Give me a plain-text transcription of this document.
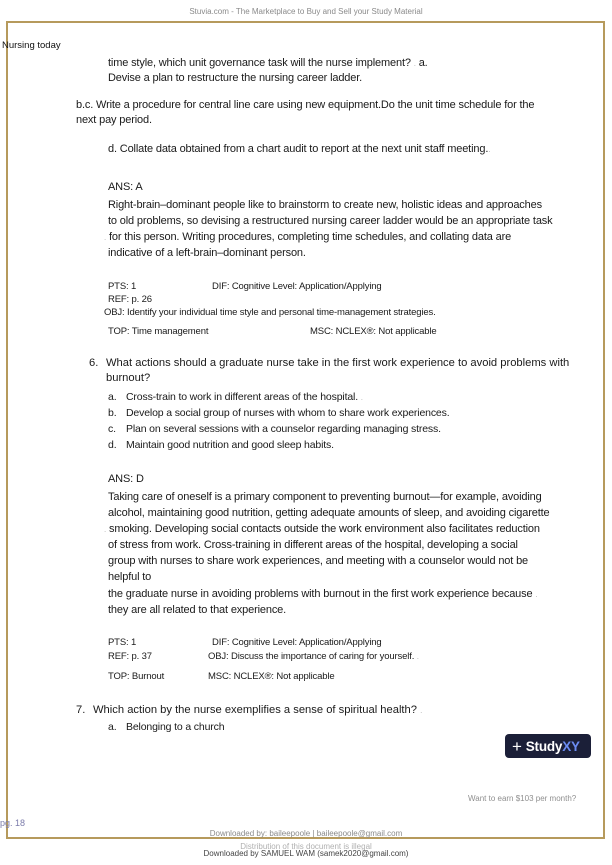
Stuvia.com - The Marketplace to Buy and Sell your Study Material
Nursing today
time style, which unit governance task will the nurse implement? . a.
Devise a plan to restructure the nursing career ladder.
b.c. Write a procedure for central line care using new equipment.Do the unit time schedule for the
next pay period.
d. Collate data obtained from a chart audit to report at the next unit staff meeting..
ANS: A
Right-brain–dominant people like to brainstorm to create new, holistic ideas and approaches
to old problems, so devising a restructured nursing career ladder would be an appropriate task
. for this person. Writing procedures, completing time schedules, and collating data are
indicative of a left-brain–dominant person.
PTS: 1	DIF: Cognitive Level: Application/Applying
REF: p. 26
OBJ: Identify your individual time style and personal time-management strategies.
TOP: Time management	MSC: NCLEX®: Not applicable
6. What actions should a graduate nurse take in the first work experience to avoid problems with
burnout?
a. Cross-train to work in different areas of the hospital. .
b. Develop a social group of nurses with whom to share work experiences.
c. Plan on several sessions with a counselor regarding managing stress.
d. Maintain good nutrition and good sleep habits.
ANS: D
Taking care of oneself is a primary component to preventing burnout—for example, avoiding
alcohol, maintaining good nutrition, getting adequate amounts of sleep, and avoiding cigarette
. smoking. Developing social contacts outside the work environment also facilitates reduction
of stress from work. Cross-training in different areas of the hospital, developing a social
group with nurses to share work experiences, and meeting with a counselor would not be
helpful to
the graduate nurse in avoiding problems with burnout in the first work experience because .
they are all related to that experience.
PTS: 1	DIF: Cognitive Level: Application/Applying
REF: p. 37	OBJ: Discuss the importance of caring for yourself. .
TOP: Burnout	MSC: NCLEX®: Not applicable
7. Which action by the nurse exemplifies a sense of spiritual health? .
a. Belonging to a church
+ StudyXY
Want to earn $103 per month?
pg. 18
Downloaded by: baileepoole | baileepoole@gmail.com
Distribution of this document is illegal
Downloaded by SAMUEL WAM (samek2020@gmail.com)
